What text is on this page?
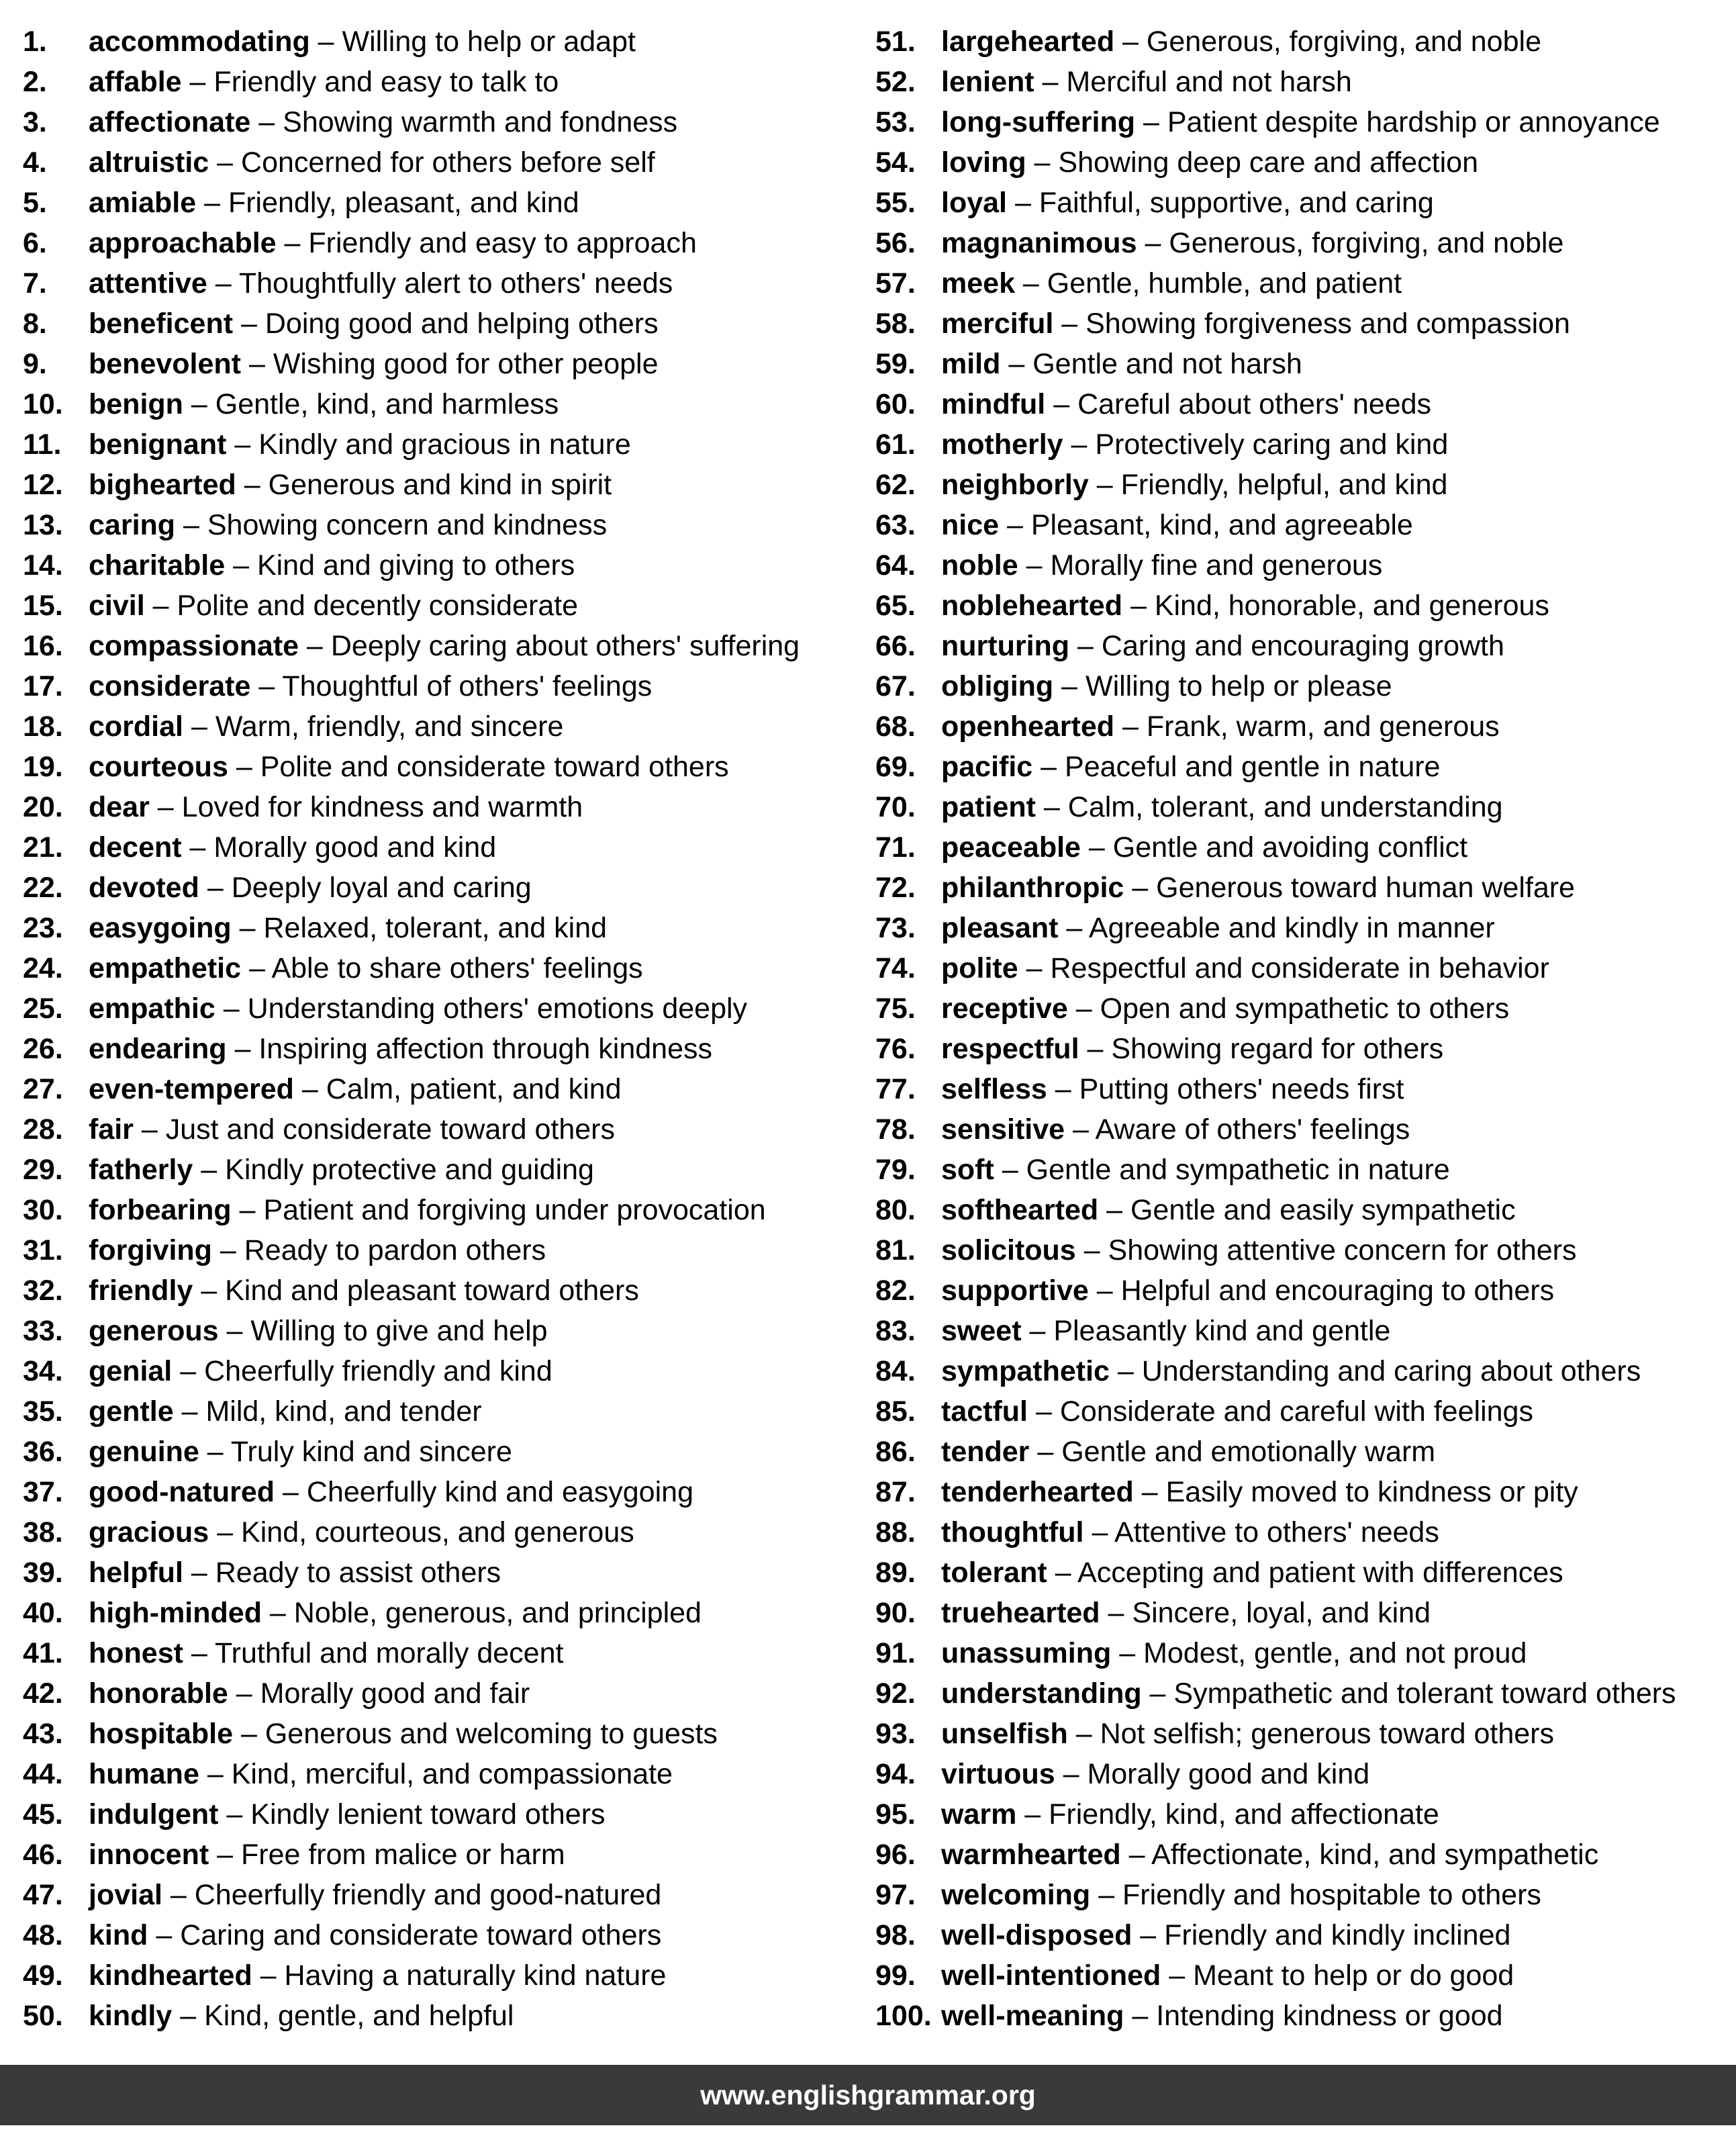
1. accommodating – Willing to help or adapt
2. affable – Friendly and easy to talk to
3. affectionate – Showing warmth and fondness
4. altruistic – Concerned for others before self
5. amiable – Friendly, pleasant, and kind
6. approachable – Friendly and easy to approach
7. attentive – Thoughtfully alert to others' needs
8. beneficent – Doing good and helping others
9. benevolent – Wishing good for other people
10. benign – Gentle, kind, and harmless
11. benignant – Kindly and gracious in nature
12. bighearted – Generous and kind in spirit
13. caring – Showing concern and kindness
14. charitable – Kind and giving to others
15. civil – Polite and decently considerate
16. compassionate – Deeply caring about others' suffering
17. considerate – Thoughtful of others' feelings
18. cordial – Warm, friendly, and sincere
19. courteous – Polite and considerate toward others
20. dear – Loved for kindness and warmth
21. decent – Morally good and kind
22. devoted – Deeply loyal and caring
23. easygoing – Relaxed, tolerant, and kind
24. empathetic – Able to share others' feelings
25. empathic – Understanding others' emotions deeply
26. endearing – Inspiring affection through kindness
27. even-tempered – Calm, patient, and kind
28. fair – Just and considerate toward others
29. fatherly – Kindly protective and guiding
30. forbearing – Patient and forgiving under provocation
31. forgiving – Ready to pardon others
32. friendly – Kind and pleasant toward others
33. generous – Willing to give and help
34. genial – Cheerfully friendly and kind
35. gentle – Mild, kind, and tender
36. genuine – Truly kind and sincere
37. good-natured – Cheerfully kind and easygoing
38. gracious – Kind, courteous, and generous
39. helpful – Ready to assist others
40. high-minded – Noble, generous, and principled
41. honest – Truthful and morally decent
42. honorable – Morally good and fair
43. hospitable – Generous and welcoming to guests
44. humane – Kind, merciful, and compassionate
45. indulgent – Kindly lenient toward others
46. innocent – Free from malice or harm
47. jovial – Cheerfully friendly and good-natured
48. kind – Caring and considerate toward others
49. kindhearted – Having a naturally kind nature
50. kindly – Kind, gentle, and helpful
51. largehearted – Generous, forgiving, and noble
52. lenient – Merciful and not harsh
53. long-suffering – Patient despite hardship or annoyance
54. loving – Showing deep care and affection
55. loyal – Faithful, supportive, and caring
56. magnanimous – Generous, forgiving, and noble
57. meek – Gentle, humble, and patient
58. merciful – Showing forgiveness and compassion
59. mild – Gentle and not harsh
60. mindful – Careful about others' needs
61. motherly – Protectively caring and kind
62. neighborly – Friendly, helpful, and kind
63. nice – Pleasant, kind, and agreeable
64. noble – Morally fine and generous
65. noblehearted – Kind, honorable, and generous
66. nurturing – Caring and encouraging growth
67. obliging – Willing to help or please
68. openhearted – Frank, warm, and generous
69. pacific – Peaceful and gentle in nature
70. patient – Calm, tolerant, and understanding
71. peaceable – Gentle and avoiding conflict
72. philanthropic – Generous toward human welfare
73. pleasant – Agreeable and kindly in manner
74. polite – Respectful and considerate in behavior
75. receptive – Open and sympathetic to others
76. respectful – Showing regard for others
77. selfless – Putting others' needs first
78. sensitive – Aware of others' feelings
79. soft – Gentle and sympathetic in nature
80. softhearted – Gentle and easily sympathetic
81. solicitous – Showing attentive concern for others
82. supportive – Helpful and encouraging to others
83. sweet – Pleasantly kind and gentle
84. sympathetic – Understanding and caring about others
85. tactful – Considerate and careful with feelings
86. tender – Gentle and emotionally warm
87. tenderhearted – Easily moved to kindness or pity
88. thoughtful – Attentive to others' needs
89. tolerant – Accepting and patient with differences
90. truehearted – Sincere, loyal, and kind
91. unassuming – Modest, gentle, and not proud
92. understanding – Sympathetic and tolerant toward others
93. unselfish – Not selfish; generous toward others
94. virtuous – Morally good and kind
95. warm – Friendly, kind, and affectionate
96. warmhearted – Affectionate, kind, and sympathetic
97. welcoming – Friendly and hospitable to others
98. well-disposed – Friendly and kindly inclined
99. well-intentioned – Meant to help or do good
100. well-meaning – Intending kindness or good
www.englishgrammar.org
